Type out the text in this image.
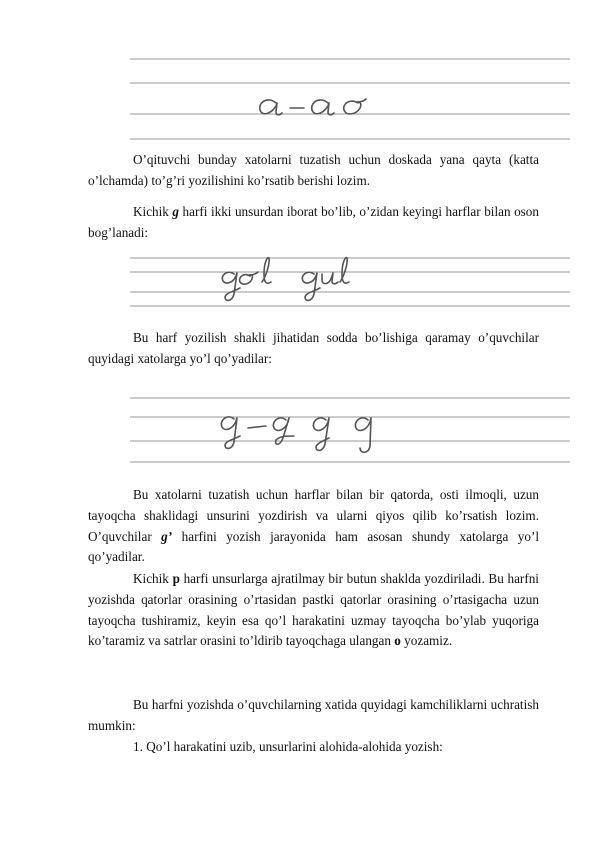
O’qituvchi bunday xatolarni tuzatish uchun doskada yana qayta (katta o’lchamda) to’g’ri yozilishini ko’rsatib berishi lozim.

Kichik g harfi ikki unsurdan iborat bo’lib, o’zidan keyingi harflar bilan oson bog’lanadi:

Bu harf yozilish shakli jihatidan sodda bo’lishiga qaramay o’quvchilar quyidagi xatolarga yo’l qo’yadilar:

Bu xatolarni tuzatish uchun harflar bilan bir qatorda, osti ilmoqli, uzun tayoqcha shaklidagi unsurini yozdirish va ularni qiyos qilib ko’rsatish lozim. O’quvchilar g’ harfini yozish jarayonida ham asosan shundy xatolarga yo’l qo’yadilar.

Kichik p harfi unsurlarga ajratilmay bir butun shaklda yozdiriladi. Bu harfni yozishda qatorlar orasining o’rtasidan pastki qatorlar orasining o’rtasigacha uzun tayoqcha tushiramiz, keyin esa qo’l harakatini uzmay tayoqcha bo’ylab yuqoriga ko’taramiz va satrlar orasini to’ldirib tayoqchaga ulangan o yozamiz.

Bu harfni yozishda o’quvchilarning xatida quyidagi kamchiliklarni uchratish mumkin:

1. Qo’l harakatini uzib, unsurlarini alohida-alohida yozish:
